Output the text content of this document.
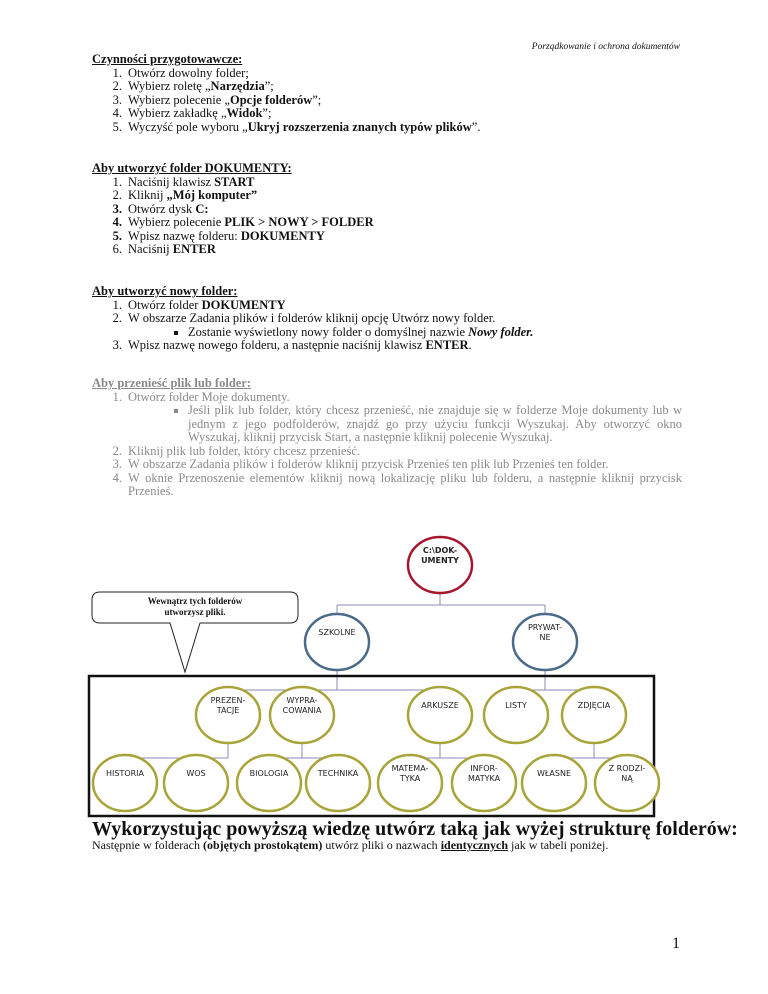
Porządkowanie i ochrona dokumentów
Czynności przygotowawcze:
1. Otwórz dowolny folder;
2. Wybierz roletę „Narzędzia”;
3. Wybierz polecenie „Opcje folderów”;
4. Wybierz zakładkę „Widok”;
5. Wyczyść pole wyboru „Ukryj rozszerzenia znanych typów plików”.
Aby utworzyć folder DOKUMENTY:
1. Naciśnij klawisz START
2. Kliknij „Mój komputer”
3. Otwórz dysk C:
4. Wybierz polecenie PLIK > NOWY > FOLDER
5. Wpisz nazwę folderu: DOKUMENTY
6. Naciśnij ENTER
Aby utworzyć nowy folder:
1. Otwórz folder DOKUMENTY
2. W obszarze Zadania plików i folderów kliknij opcję Utwórz nowy folder.
Zostanie wyświetlony nowy folder o domyślnej nazwie Nowy folder.
3. Wpisz nazwę nowego folderu, a następnie naciśnij klawisz ENTER.
Aby przenieść plik lub folder:
1. Otwórz folder Moje dokumenty.
Jeśli plik lub folder, który chcesz przenieść, nie znajduje się w folderze Moje dokumenty lub w jednym z jego podfolderów, znajdź go przy użyciu funkcji Wyszukaj. Aby otworzyć okno Wyszukaj, kliknij przycisk Start, a następnie kliknij polecenie Wyszukaj.
2. Kliknij plik lub folder, który chcesz przenieść.
3. W obszarze Zadania plików i folderów kliknij przycisk Przenieś ten plik lub Przenieś ten folder.
4. W oknie Przenoszenie elementów kliknij nową lokalizację pliku lub folderu, a następnie kliknij przycisk Przenieś.
Wewnątrz tych folderów
utworzysz pliki.
C:\DOK-
UMENTY
SZKOLNE
PRYWAT-
NE
PREZEN-
TACJE
WYPRA-
COWANIA
ARKUSZE	LISTY	ZDJĘCIA
HISTORIA	WOS	BIOLOGIA	TECHNIKA
MATEMA-
TYKA
INFOR-
MATYKA
WŁASNE
Z RODZI-
NĄ
Wykorzystując powyższą wiedzę utwórz taką jak wyżej strukturę folderów:
Następnie w folderach (objętych prostokątem) utwórz pliki o nazwach identycznych jak w tabeli poniżej.
1
